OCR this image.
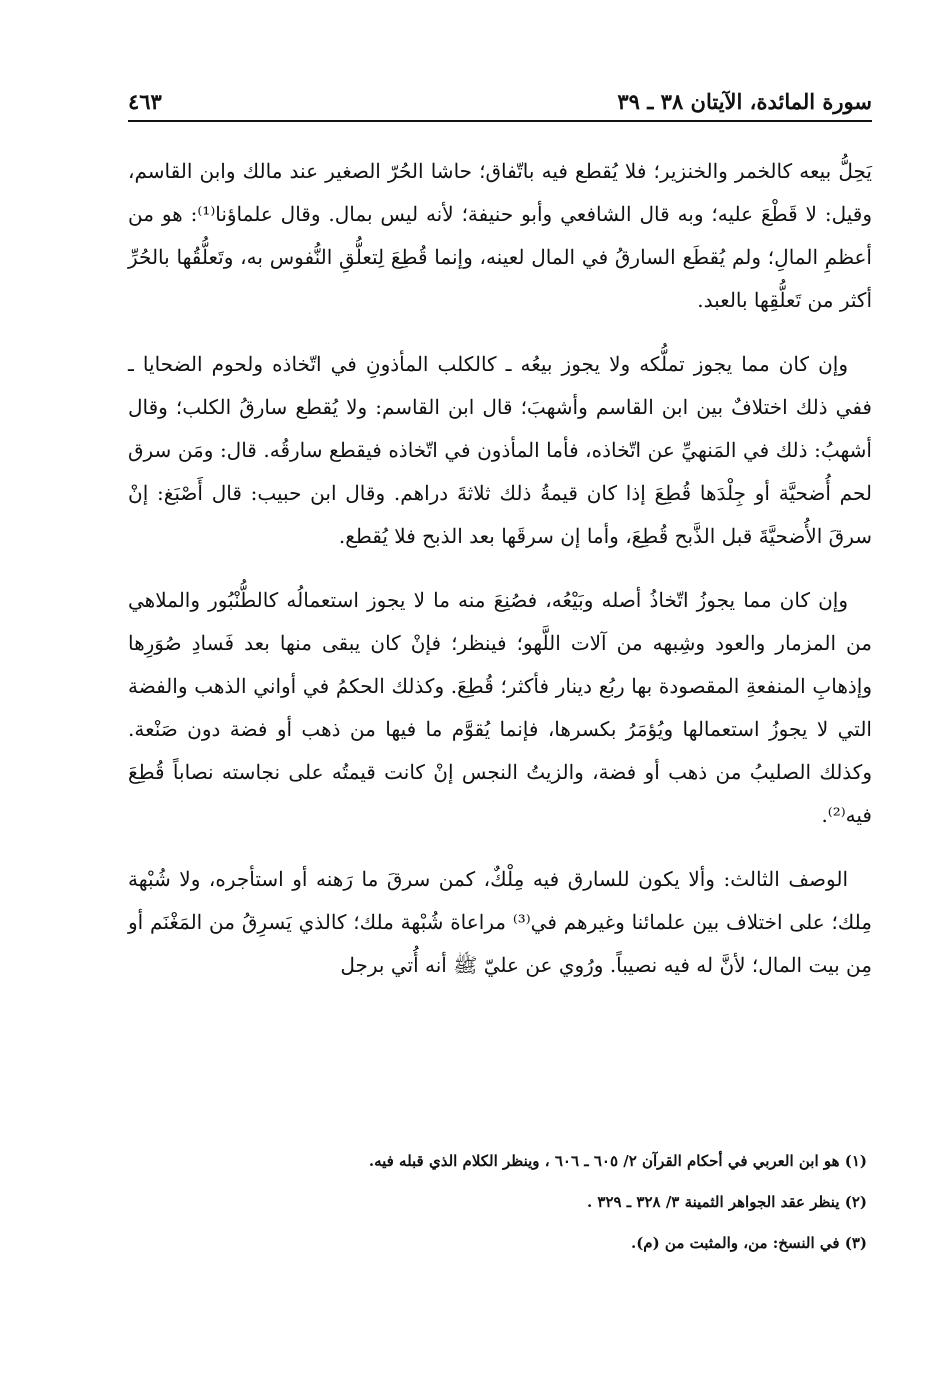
سورة المائدة، الآيتان ٣٨ ـ ٣٩
٤٦٣

يَحِلُّ بيعه كالخمر والخنزير؛ فلا يُقطع فيه باتّفاق؛ حاشا الحُرّ الصغير عند مالك وابن القاسم، وقيل: لا قَطْعَ عليه؛ وبه قال الشافعي وأبو حنيفة؛ لأنه ليس بمال. وقال علماؤنا⁽¹⁾: هو من أعظمِ المالِ؛ ولم يُقطَع السارقُ في المال لعينه، وإنما قُطِعَ لِتعلُّقِ النُّفوس به، وتَعلُّقُها بالحُرِّ أكثر من تَعلُّقِها بالعبد.

وإن كان مما يجوز تملُّكه ولا يجوز بيعُه ـ كالكلب المأذونِ في اتّخاذه ولحوم الضحايا ـ ففي ذلك اختلافٌ بين ابن القاسم وأشهبَ؛ قال ابن القاسم: ولا يُقطع سارقُ الكلب؛ وقال أشهبُ: ذلك في المَنهيِّ عن اتّخاذه، فأما المأذون في اتّخاذه فيقطع سارقُه. قال: ومَن سرق لحم أُضحيَّة أو جِلْدَها قُطِعَ إذا كان قيمةُ ذلك ثلاثةَ دراهم. وقال ابن حبيب: قال أَصْبَغ: إنْ سرقَ الأُضحيَّةَ قبل الذَّبح قُطِعَ، وأما إن سرقَها بعد الذبح فلا يُقطع.

وإن كان مما يجوزُ اتّخاذُ أصله وبَيْعُه، فصُنِعَ منه ما لا يجوز استعمالُه كالطُّنْبُور والملاهي من المزمار والعود وشِبهه من آلات اللَّهو؛ فينظر؛ فإنْ كان يبقى منها بعد فَسادِ صُوَرِها وإذهابِ المنفعةِ المقصودة بها ربُع دينار فأكثر؛ قُطِعَ. وكذلك الحكمُ في أواني الذهب والفضة التي لا يجوزُ استعمالها ويُؤمَرُ بكسرها، فإنما يُقوَّم ما فيها من ذهب أو فضة دون صَنْعة. وكذلك الصليبُ من ذهب أو فضة، والزيتُ النجس إنْ كانت قيمتُه على نجاسته نصاباً قُطِعَ فيه⁽²⁾.

الوصف الثالث: وألا يكون للسارق فيه مِلْكٌ، كمن سرقَ ما رَهنه أو استأجره، ولا شُبْهة مِلك؛ على اختلاف بين علمائنا وغيرهم في⁽³⁾ مراعاة شُبْهة ملك؛ كالذي يَسرِقُ من المَغْنَم أو مِن بيت المال؛ لأنَّ له فيه نصيباً. ورُوي عن عليّ ﷺ أنه أُتي برجل

(١) هو ابن العربي في أحكام القرآن ٢/ ٦٠٥ ـ ٦٠٦ ، وينظر الكلام الذي قبله فيه.
(٢) ينظر عقد الجواهر الثمينة ٣/ ٣٢٨ ـ ٣٢٩ .
(٣) في النسخ: من، والمثبت من (م).
